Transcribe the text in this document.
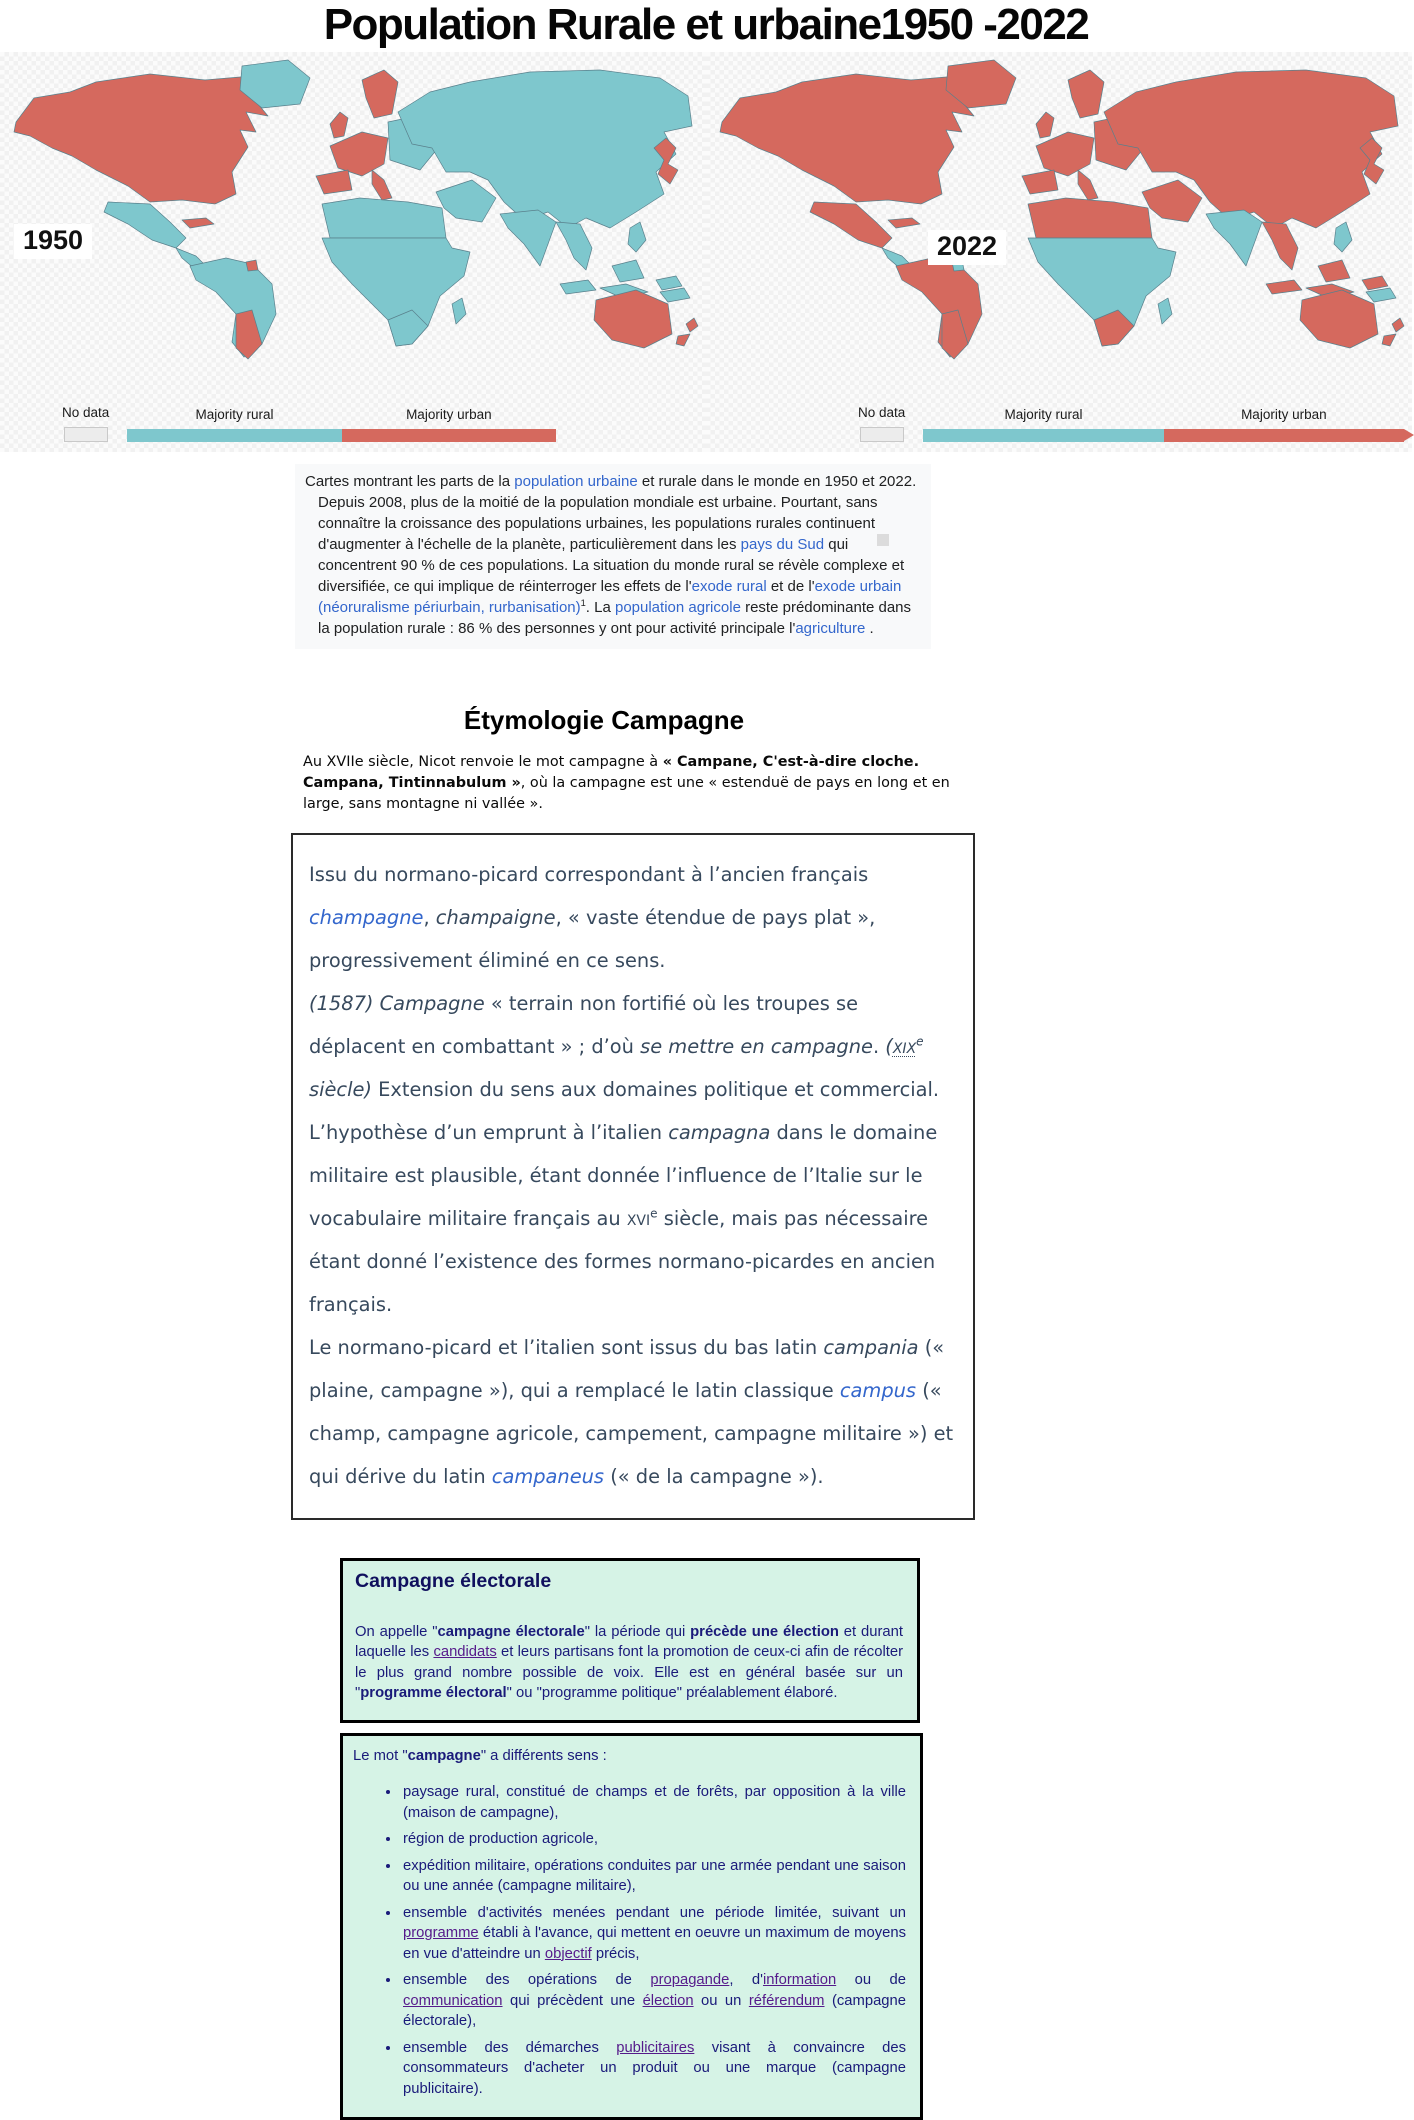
Population Rurale et urbaine1950 -2022
1950
No data	Majority rural	Majority urban
2022
No data	Majority rural	Majority urban

Cartes montrant les parts de la population urbaine et rurale dans le monde en 1950 et 2022.

Depuis 2008, plus de la moitié de la population mondiale est urbaine. Pourtant, sans connaître la croissance des populations urbaines, les populations rurales continuent d'augmenter à l'échelle de la planète, particulièrement dans les pays du Sud qui concentrent 90 % de ces populations. La situation du monde rural se révèle complexe et diversifiée, ce qui implique de réinterroger les effets de l'exode rural et de l'exode urbain (néoruralisme périurbain, rurbanisation)$^1$. La population agricole reste prédominante dans la population rurale : 86 % des personnes y ont pour activité principale l'agriculture .

Étymologie Campagne

Au XVIIe siècle, Nicot renvoie le mot campagne à « Campane, C'est-à-dire cloche. Campana, Tintinnabulum », où la campagne est une « estenduë de pays en long et en large, sans montagne ni vallée ».

Issu du normano-picard correspondant à l’ancien français champagne, champaigne, « vaste étendue de pays plat », progressivement éliminé en ce sens.

(1587) Campagne « terrain non fortifié où les troupes se déplacent en combattant » ; d’où se mettre en campagne. (xix$^e$ siècle) Extension du sens aux domaines politique et commercial.

L’hypothèse d’un emprunt à l’italien campagna dans le domaine militaire est plausible, étant donnée l’influence de l’Italie sur le vocabulaire militaire français au xvi$^e$ siècle, mais pas nécessaire étant donné l’existence des formes normano-picardes en ancien français.

Le normano-picard et l’italien sont issus du bas latin campania (« plaine, campagne »), qui a remplacé le latin classique campus (« champ, campagne agricole, campement, campagne militaire ») et qui dérive du latin campaneus (« de la campagne »).

Campagne électorale

On appelle "campagne électorale" la période qui précède une élection et durant laquelle les candidats et leurs partisans font la promotion de ceux-ci afin de récolter le plus grand nombre possible de voix. Elle est en général basée sur un "programme électoral" ou "programme politique" préalablement élaboré.

Le mot "campagne" a différents sens :

• paysage rural, constitué de champs et de forêts, par opposition à la ville (maison de campagne),
• région de production agricole,
• expédition militaire, opérations conduites par une armée pendant une saison ou une année (campagne militaire),
• ensemble d'activités menées pendant une période limitée, suivant un programme établi à l'avance, qui mettent en oeuvre un maximum de moyens en vue d'atteindre un objectif précis,
• ensemble des opérations de propagande, d'information ou de communication qui précèdent une élection ou un référendum (campagne électorale),
• ensemble des démarches publicitaires visant à convaincre des consommateurs d'acheter un produit ou une marque (campagne publicitaire).
